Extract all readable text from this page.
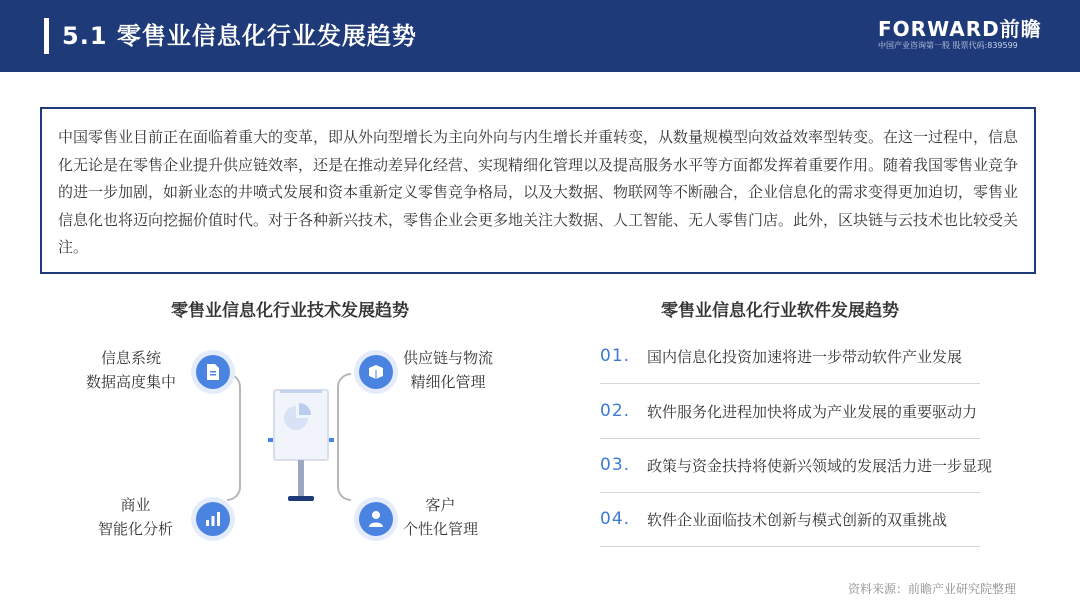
5.1 零售业信息化行业发展趋势	FORWARD前瞻
中国产业咨询第一股 股票代码:839599

中国零售业目前正在面临着重大的变革，即从外向型增长为主向外向与内生增长并重转变，从数量规模型向效益效率型转变。在这一过程中，信息化无论是在零售企业提升供应链效率，还是在推动差异化经营、实现精细化管理以及提高服务水平等方面都发挥着重要作用。随着我国零售业竞争的进一步加剧，如新业态的井喷式发展和资本重新定义零售竞争格局，以及大数据、物联网等不断融合，企业信息化的需求变得更加迫切，零售业信息化也将迈向挖掘价值时代。对于各种新兴技术，零售企业会更多地关注大数据、人工智能、无人零售门店。此外，区块链与云技术也比较受关注。

零售业信息化行业技术发展趋势	零售业信息化行业软件发展趋势
信息系统
数据高度集中
供应链与物流
精细化管理
商业
智能化分析
客户
个性化管理
01. 国内信息化投资加速将进一步带动软件产业发展
02. 软件服务化进程加快将成为产业发展的重要驱动力
03. 政策与资金扶持将使新兴领域的发展活力进一步显现
04. 软件企业面临技术创新与模式创新的双重挑战
资料来源：前瞻产业研究院整理
